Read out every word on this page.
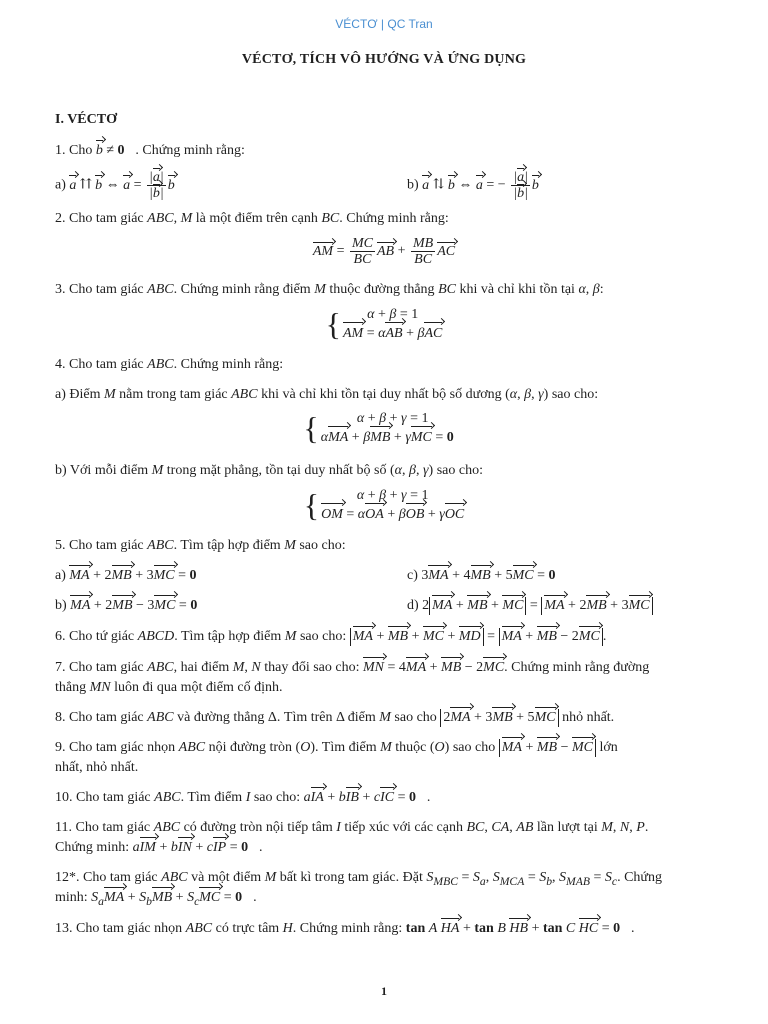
VÉCTƠ | QC Tran
VÉCTƠ, TÍCH VÔ HƯỚNG VÀ ỨNG DỤNG
I. VÉCTƠ
1. Cho b ≠ 0⃗. Chứng minh rằng:
a) a ⇈ b ⇔ $a = \frac{|a|}{|b|}$ b	b) a ⇅ b ⇔ a = − $\frac{|a|}{|b|}$ b
2. Cho tam giác ABC, M là một điểm trên cạnh BC. Chứng minh rằng:
AM = $\frac{MC}{BC}$ AB + $\frac{MB}{BC}$ AC
3. Cho tam giác ABC. Chứng minh rằng điểm M thuộc đường thẳng BC khi và chỉ khi tồn tại α, β:
{	α + β = 1
AM = αAB + βAC
4. Cho tam giác ABC. Chứng minh rằng:
a) Điểm M nằm trong tam giác ABC khi và chỉ khi tồn tại duy nhất bộ số dương (α, β, γ) sao cho:
{	α + β + γ = 1
αMA + βMB + γMC = 0⃗
b) Với mỗi điểm M trong mặt phẳng, tồn tại duy nhất bộ số (α, β, γ) sao cho:
{	α + β + γ = 1
OM = αOA + βOB + γOC
5. Cho tam giác ABC. Tìm tập hợp điểm M sao cho:
a) MA + 2MB + 3MC = 0⃗	c) 3MA + 4MB + 5MC = 0⃗
b) MA + 2MB − 3MC = 0⃗	d) 2 MA + MB + MC = MA + 2MB + 3MC
6. Cho tứ giác ABCD. Tìm tập hợp điểm M sao cho: MA + MB + MC + MD = MA + MB − 2MC .
7. Cho tam giác ABC, hai điểm M, N thay đổi sao cho: MN = 4MA + MB − 2MC. Chứng minh rằng đường
thẳng MN luôn đi qua một điểm cố định.
8. Cho tam giác ABC và đường thẳng Δ. Tìm trên Δ điểm M sao cho 2MA + 3MB + 5MC nhỏ nhất.
9. Cho tam giác nhọn ABC nội đường tròn (O). Tìm điểm M thuộc (O) sao cho MA + MB − MC lớn
nhất, nhỏ nhất.
10. Cho tam giác ABC. Tìm điểm I sao cho: aIA + bIB + cIC = 0⃗.
11. Cho tam giác ABC có đường tròn nội tiếp tâm I tiếp xúc với các cạnh BC, CA, AB lần lượt tại M, N, P.
Chứng minh: aIM + bIN + cIP = 0⃗.
12*. Cho tam giác ABC và một điểm M bất kì trong tam giác. Đặt $S_{MBC} = S_a$, $S_{MCA} = S_b$, $S_{MAB} = S_c$. Chứng
minh: $S_aMA + S_bMB + S_cMC$ = 0⃗.
13. Cho tam giác nhọn ABC có trực tâm H. Chứng minh rằng: tan A HA + tan B HB + tan C HC = 0⃗.
1
